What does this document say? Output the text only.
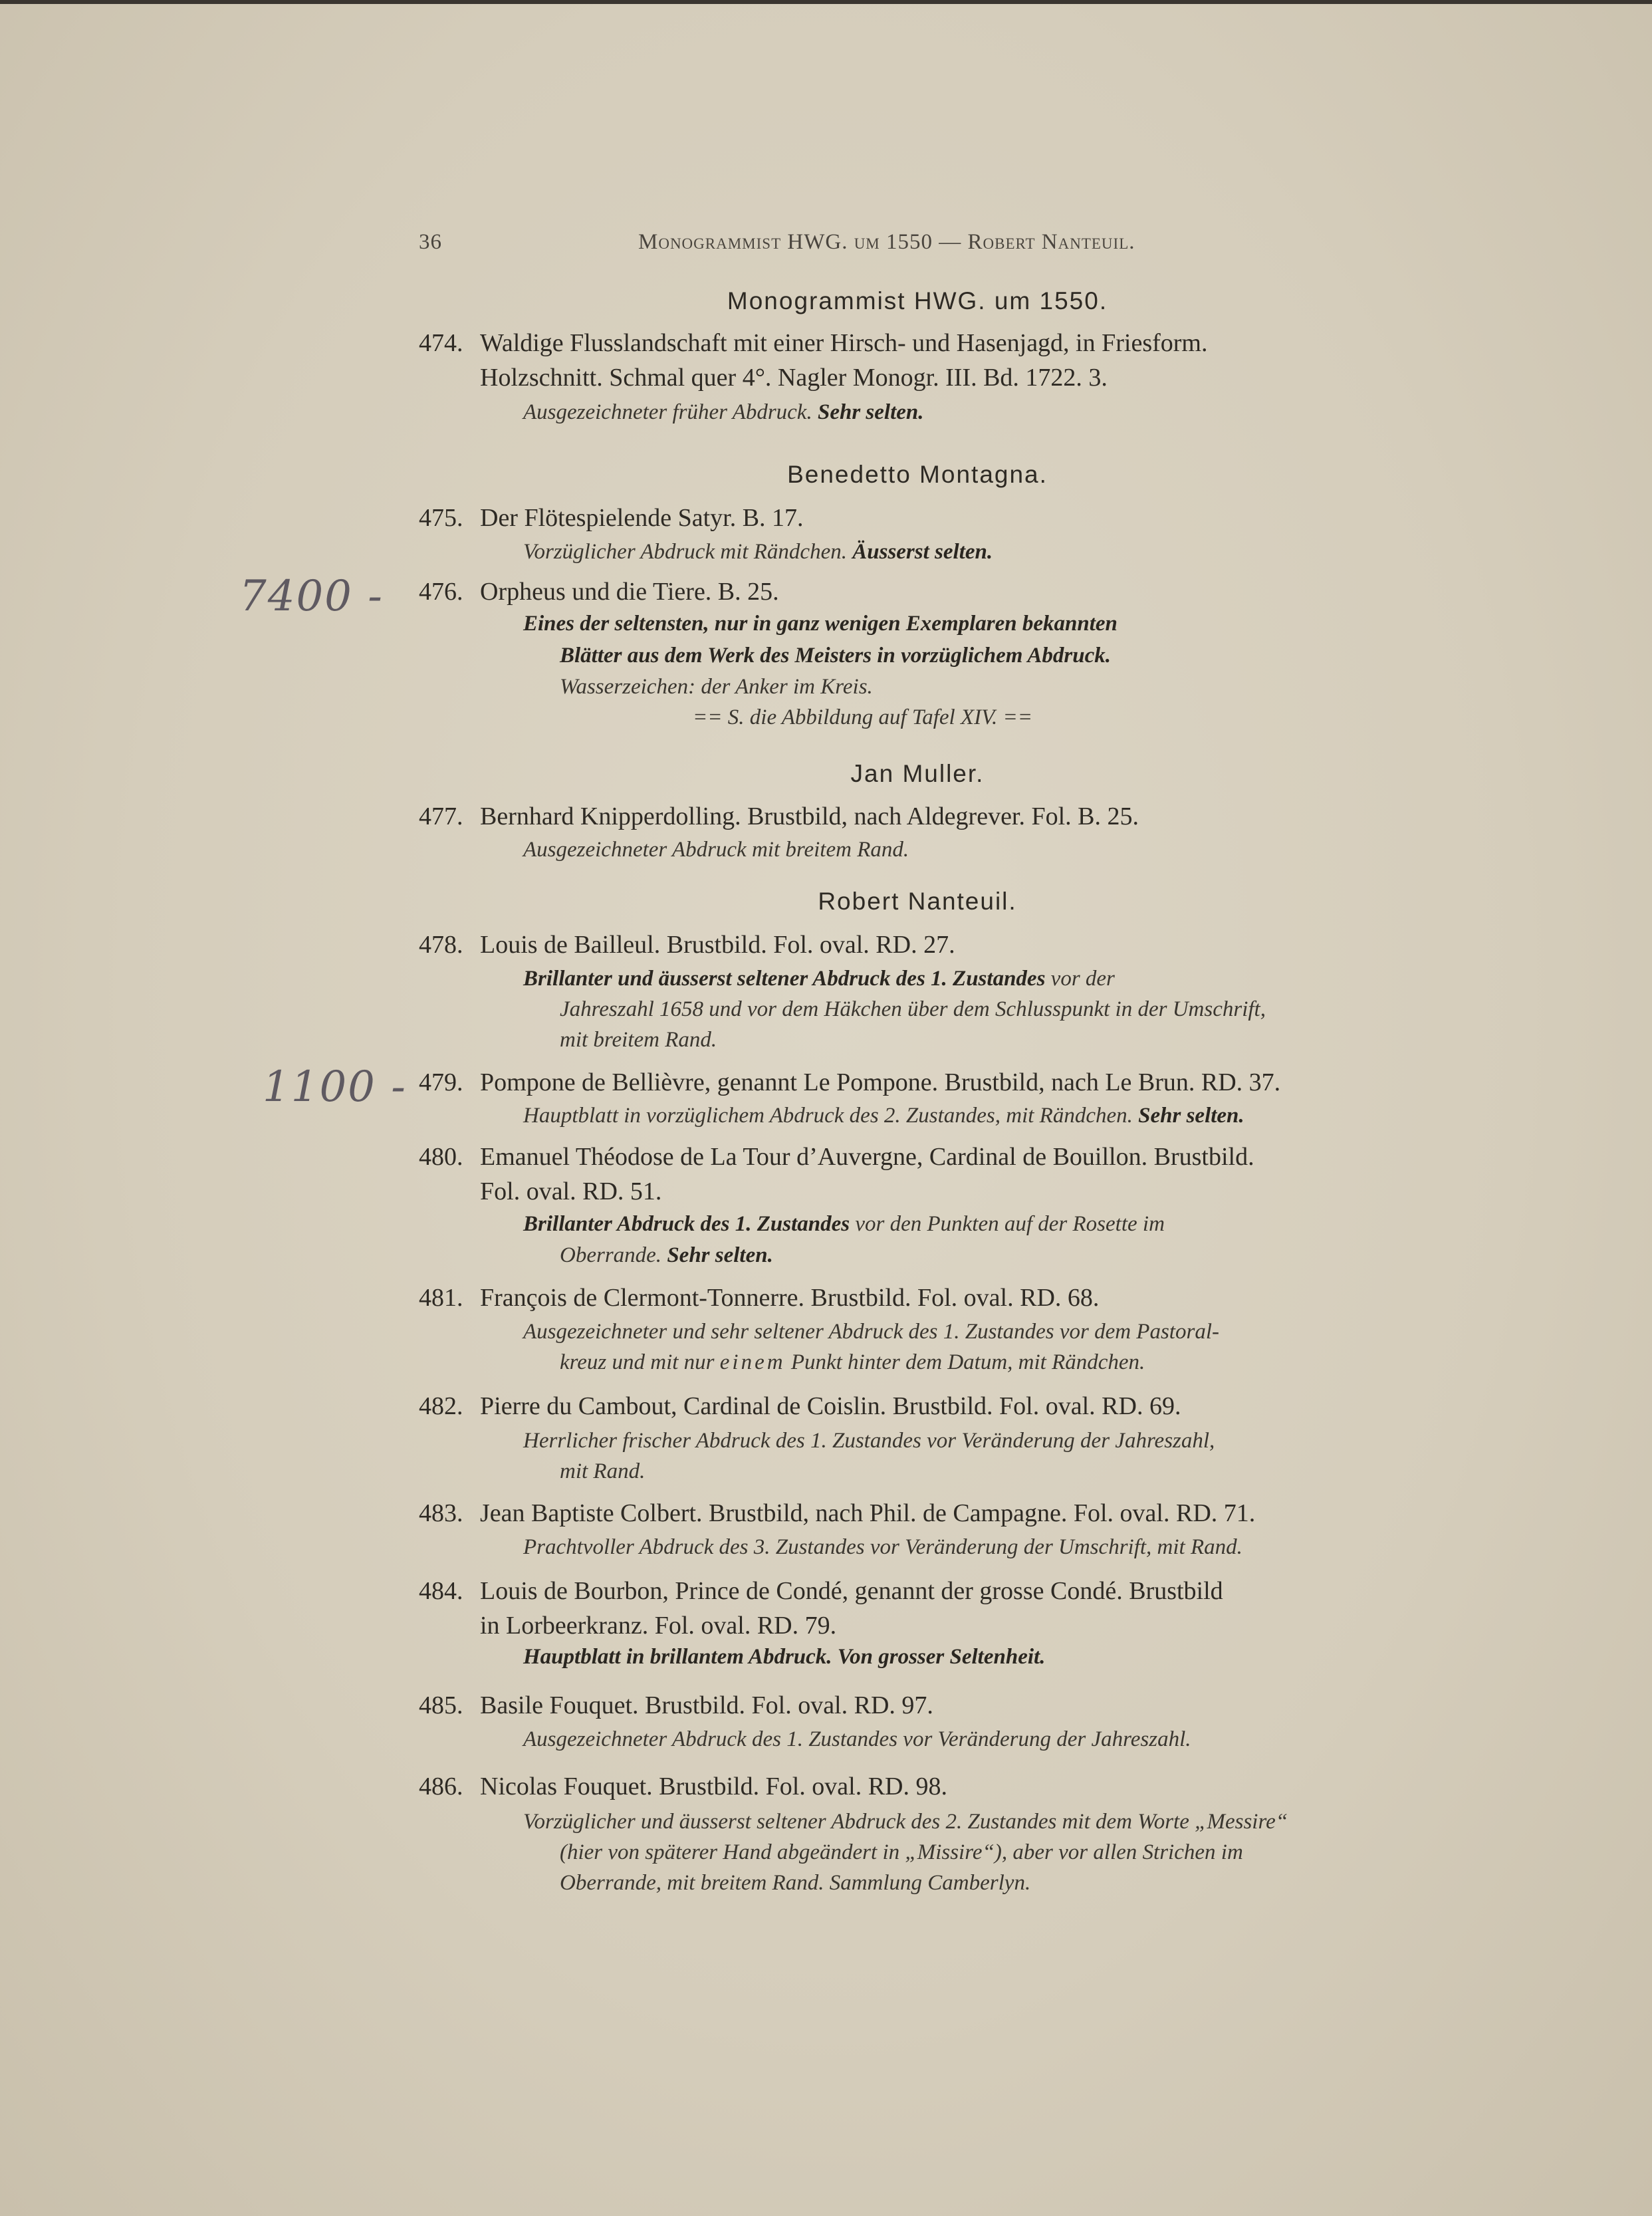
36	Monogrammist HWG. um 1550 — Robert Nanteuil.
Monogrammist HWG. um 1550.
474. Waldige Flusslandschaft mit einer Hirsch- und Hasenjagd, in Friesform.
Holzschnitt. Schmal quer 4°. Nagler Monogr. III. Bd. 1722. 3.
Ausgezeichneter früher Abdruck. Sehr selten.
Benedetto Montagna.
475. Der Flötespielende Satyr. B. 17.
Vorzüglicher Abdruck mit Rändchen. Äusserst selten.
7400 - 476. Orpheus und die Tiere. B. 25.
Eines der seltensten, nur in ganz wenigen Exemplaren bekannten
Blätter aus dem Werk des Meisters in vorzüglichem Abdruck.
Wasserzeichen: der Anker im Kreis.
== S. die Abbildung auf Tafel XIV. ==
Jan Muller.
477. Bernhard Knipperdolling. Brustbild, nach Aldegrever. Fol. B. 25.
Ausgezeichneter Abdruck mit breitem Rand.
Robert Nanteuil.
478. Louis de Bailleul. Brustbild. Fol. oval. RD. 27.
Brillanter und äusserst seltener Abdruck des 1. Zustandes vor der
Jahreszahl 1658 und vor dem Häkchen über dem Schlusspunkt in der Umschrift,
mit breitem Rand.
1100 - 479. Pompone de Bellièvre, genannt Le Pompone. Brustbild, nach Le Brun. RD. 37.
Hauptblatt in vorzüglichem Abdruck des 2. Zustandes, mit Rändchen. Sehr selten.
480. Emanuel Théodose de La Tour d’Auvergne, Cardinal de Bouillon. Brustbild.
Fol. oval. RD. 51.
Brillanter Abdruck des 1. Zustandes vor den Punkten auf der Rosette im
Oberrande. Sehr selten.
481. François de Clermont-Tonnerre. Brustbild. Fol. oval. RD. 68.
Ausgezeichneter und sehr seltener Abdruck des 1. Zustandes vor dem Pastoral-
kreuz und mit nur einem Punkt hinter dem Datum, mit Rändchen.
482. Pierre du Cambout, Cardinal de Coislin. Brustbild. Fol. oval. RD. 69.
Herrlicher frischer Abdruck des 1. Zustandes vor Veränderung der Jahreszahl,
mit Rand.
483. Jean Baptiste Colbert. Brustbild, nach Phil. de Campagne. Fol. oval. RD. 71.
Prachtvoller Abdruck des 3. Zustandes vor Veränderung der Umschrift, mit Rand.
484. Louis de Bourbon, Prince de Condé, genannt der grosse Condé. Brustbild
in Lorbeerkranz. Fol. oval. RD. 79.
Hauptblatt in brillantem Abdruck. Von grosser Seltenheit.
485. Basile Fouquet. Brustbild. Fol. oval. RD. 97.
Ausgezeichneter Abdruck des 1. Zustandes vor Veränderung der Jahreszahl.
486. Nicolas Fouquet. Brustbild. Fol. oval. RD. 98.
Vorzüglicher und äusserst seltener Abdruck des 2. Zustandes mit dem Worte „Messire“
(hier von späterer Hand abgeändert in „Missire“), aber vor allen Strichen im
Oberrande, mit breitem Rand. Sammlung Camberlyn.
